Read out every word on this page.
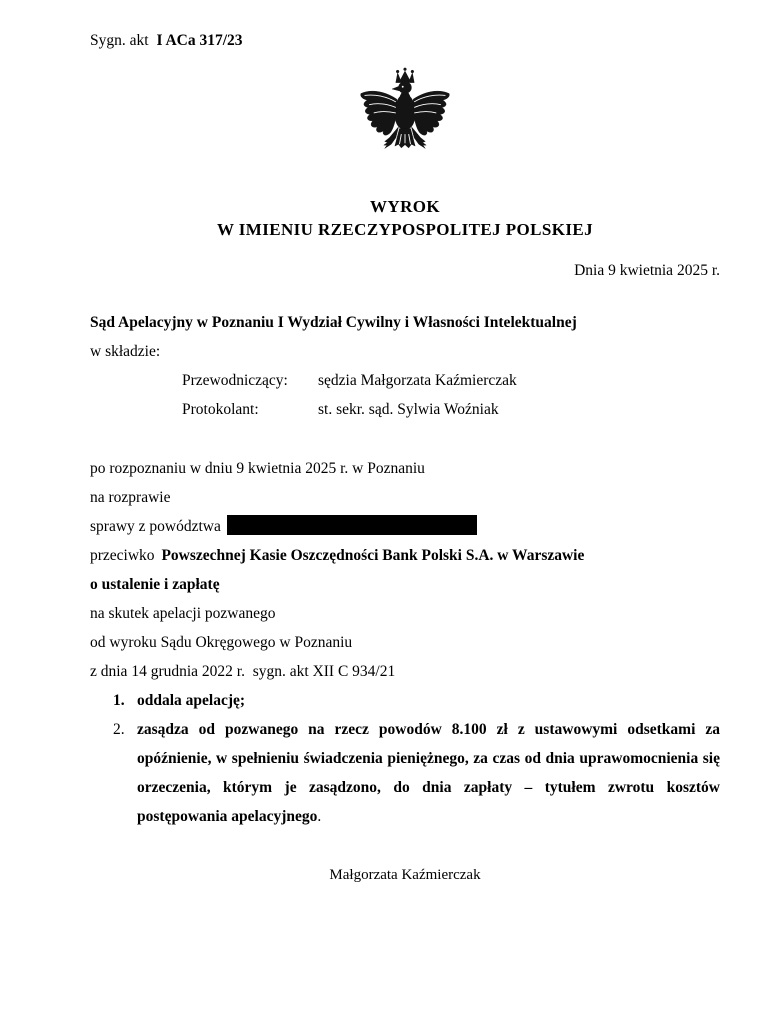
Sygn. akt I ACa 317/23
WYROK
W IMIENIU RZECZYPOSPOLITEJ POLSKIEJ
Dnia 9 kwietnia 2025 r.
Sąd Apelacyjny w Poznaniu I Wydział Cywilny i Własności Intelektualnej
w składzie:
Przewodniczący:	sędzia Małgorzata Kaźmierczak
Protokolant:	st. sekr. sąd. Sylwia Woźniak
po rozpoznaniu w dniu 9 kwietnia 2025 r. w Poznaniu
na rozprawie
sprawy z powództwa
przeciwko Powszechnej Kasie Oszczędności Bank Polski S.A. w Warszawie
o ustalenie i zapłatę
na skutek apelacji pozwanego
od wyroku Sądu Okręgowego w Poznaniu
z dnia 14 grudnia 2022 r.  sygn. akt XII C 934/21
1. oddala apelację;
2. zasądza od pozwanego na rzecz powodów 8.100 zł z ustawowymi odsetkami za opóźnienie, w spełnieniu świadczenia pieniężnego, za czas od dnia uprawomocnienia się orzeczenia, którym je zasądzono, do dnia zapłaty – tytułem zwrotu kosztów postępowania apelacyjnego.
Małgorzata Kaźmierczak
